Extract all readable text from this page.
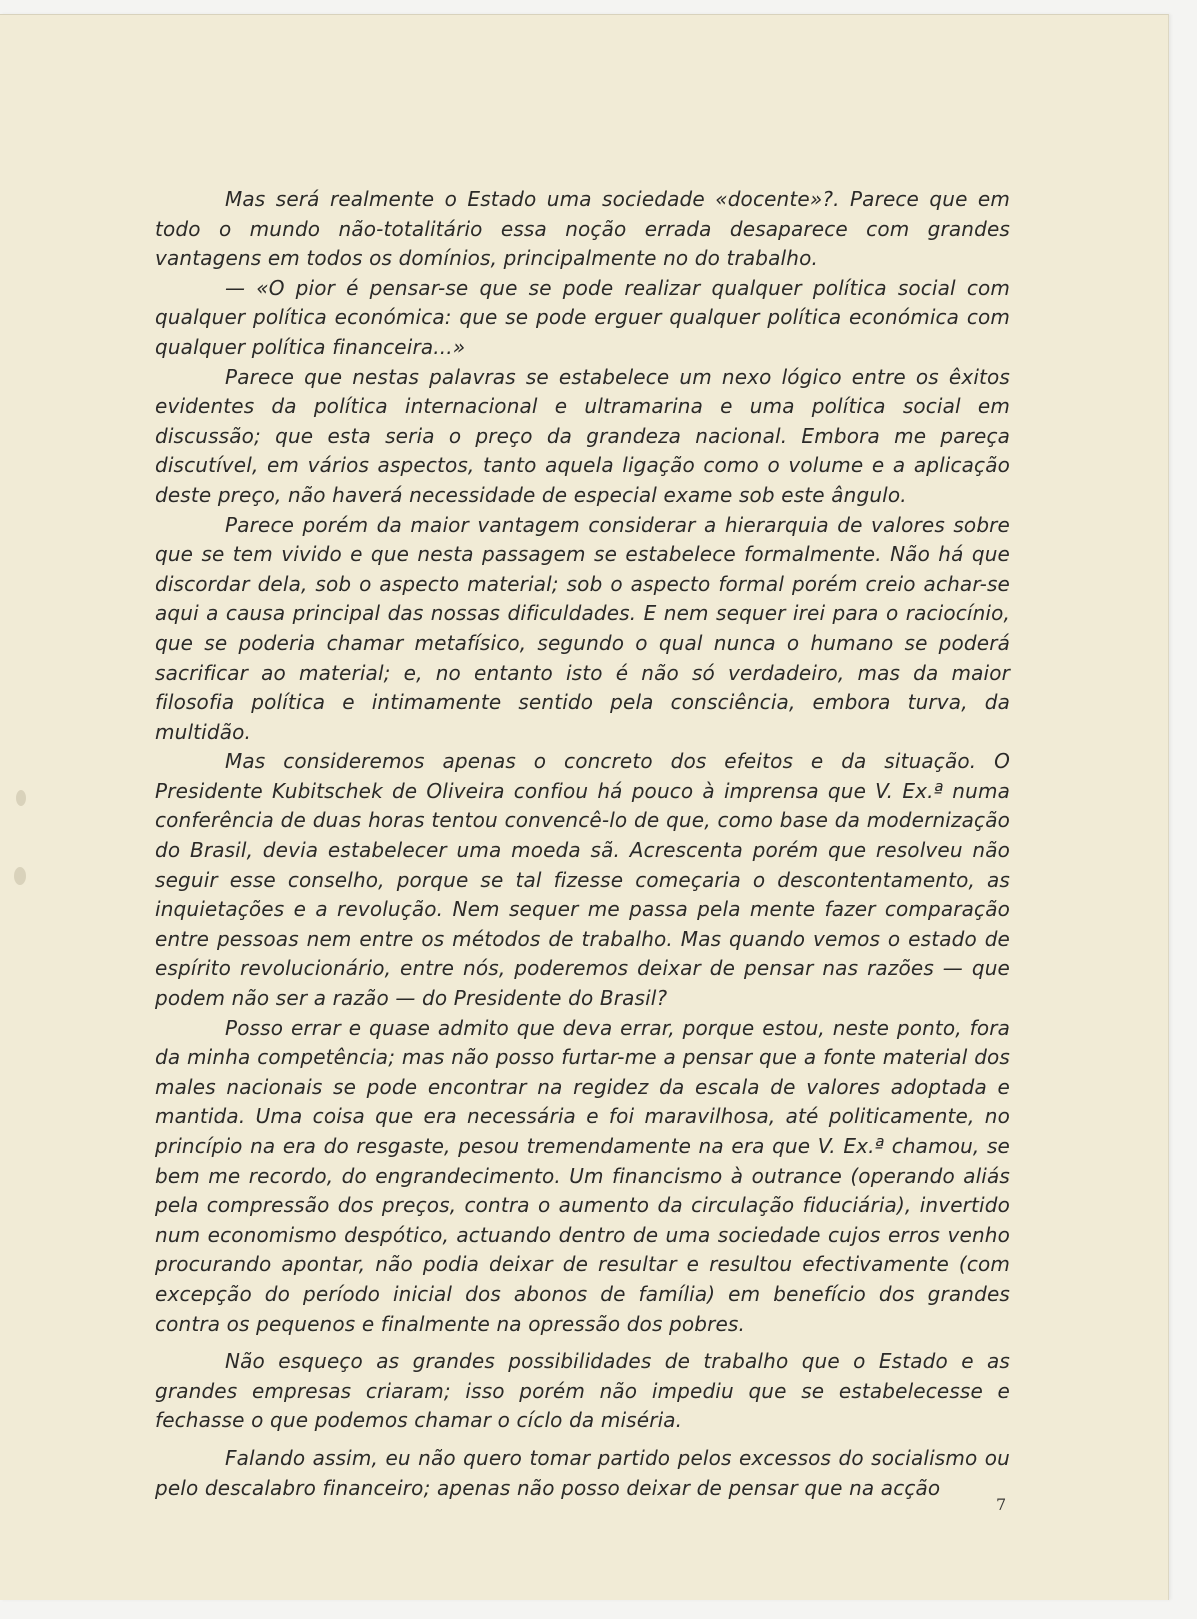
Mas será realmente o Estado uma sociedade «docente»?. Parece que em todo o mundo não-totalitário essa noção errada desaparece com grandes vantagens em todos os domínios, principalmente no do trabalho.

— «O pior é pensar-se que se pode realizar qualquer política social com qualquer política económica: que se pode erguer qualquer política económica com qualquer política financeira...»

Parece que nestas palavras se estabelece um nexo lógico entre os êxitos evidentes da política internacional e ultramarina e uma política social em discussão; que esta seria o preço da grandeza nacional. Embora me pareça discutível, em vários aspectos, tanto aquela ligação como o volume e a aplicação deste preço, não haverá necessidade de especial exame sob este ângulo.

Parece porém da maior vantagem considerar a hierarquia de valores sobre que se tem vivido e que nesta passagem se estabelece formalmente. Não há que discordar dela, sob o aspecto material; sob o aspecto formal porém creio achar-se aqui a causa principal das nossas dificuldades. E nem sequer irei para o raciocínio, que se poderia chamar metafísico, segundo o qual nunca o humano se poderá sacrificar ao material; e, no entanto isto é não só verdadeiro, mas da maior filosofia política e intimamente sentido pela consciência, embora turva, da multidão.

Mas consideremos apenas o concreto dos efeitos e da situação. O Presidente Kubitschek de Oliveira confiou há pouco à imprensa que V. Ex.ª numa conferência de duas horas tentou convencê-lo de que, como base da modernização do Brasil, devia estabelecer uma moeda sã. Acrescenta porém que resolveu não seguir esse conselho, porque se tal fizesse começaria o descontentamento, as inquietações e a revolução. Nem sequer me passa pela mente fazer comparação entre pessoas nem entre os métodos de trabalho. Mas quando vemos o estado de espírito revolucionário, entre nós, poderemos deixar de pensar nas razões — que podem não ser a razão — do Presidente do Brasil?

Posso errar e quase admito que deva errar, porque estou, neste ponto, fora da minha competência; mas não posso furtar-me a pensar que a fonte material dos males nacionais se pode encontrar na regidez da escala de valores adoptada e mantida. Uma coisa que era necessária e foi maravilhosa, até politicamente, no princípio na era do resgaste, pesou tremendamente na era que V. Ex.ª chamou, se bem me recordo, do engrandecimento. Um financismo à outrance (operando aliás pela compressão dos preços, contra o aumento da circulação fiduciária), invertido num economismo despótico, actuando dentro de uma sociedade cujos erros venho procurando apontar, não podia deixar de resultar e resultou efectivamente (com excepção do período inicial dos abonos de família) em benefício dos grandes contra os pequenos e finalmente na opressão dos pobres.

Não esqueço as grandes possibilidades de trabalho que o Estado e as grandes empresas criaram; isso porém não impediu que se estabelecesse e fechasse o que podemos chamar o cíclo da miséria.

Falando assim, eu não quero tomar partido pelos excessos do socialismo ou pelo descalabro financeiro; apenas não posso deixar de pensar que na acção

7
